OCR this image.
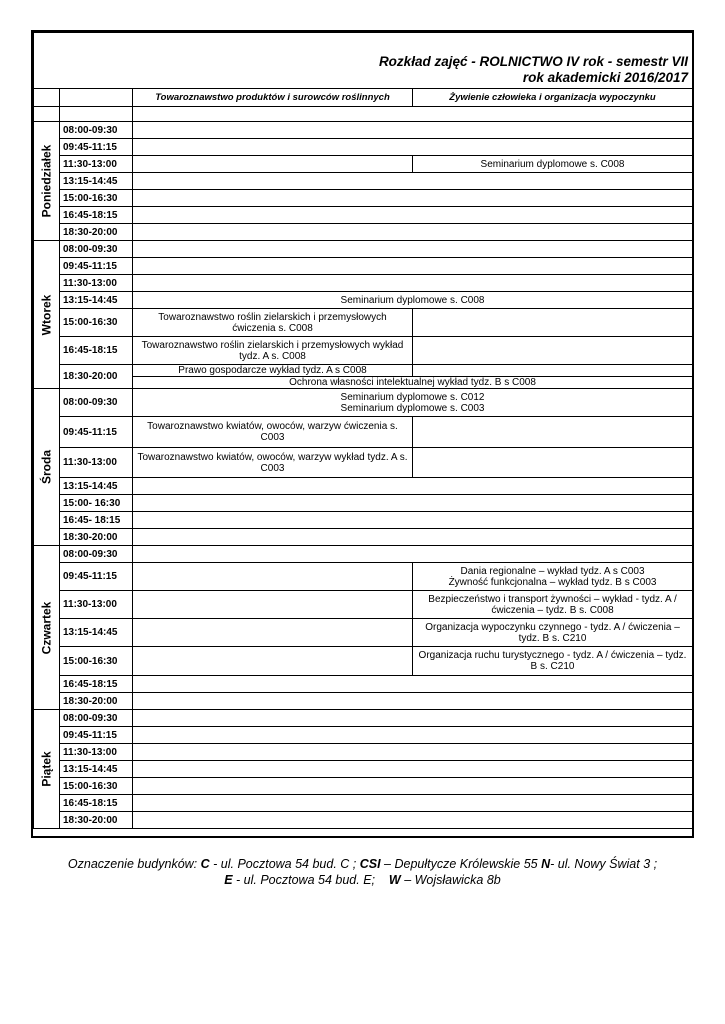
Rozkład zajęć - ROLNICTWO IV rok - semestr VII
rok akademicki 2016/2017			

		Towaroznawstwo produktów i surowców roślinnych	Żywienie człowieka i organizacja wypoczynku

Poniedziałek	08:00-09:30		
	09:45-11:15		
	11:30-13:00		Seminarium dyplomowe s. C008
	13:15-14:45		
	15:00-16:30		
	16:45-18:15		
	18:30-20:00		

Wtorek	08:00-09:30		
	09:45-11:15		
	11:30-13:00		
	13:15-14:45	Seminarium dyplomowe s. C008	
	15:00-16:30	Towaroznawstwo roślin zielarskich i przemysłowych ćwiczenia s. C008	
	16:45-18:15	Towaroznawstwo roślin zielarskich i przemysłowych wykład tydz. A s. C008	
	18:30-20:00	Prawo gospodarcze wykład tydz. A s C008	
		Ochrona własności intelektualnej wykład tydz. B s C008	

Środa	08:00-09:30	Seminarium dyplomowe s. C012
Seminarium dyplomowe s. C003	

	09:45-11:15	Towaroznawstwo kwiatów, owoców, warzyw ćwiczenia s. C003	
	11:30-13:00	Towaroznawstwo kwiatów, owoców, warzyw wykład tydz. A s. C003	
	13:15-14:45		
	15:00- 16:30		
	16:45- 18:15		
	18:30-20:00		

Czwartek	08:00-09:30		
	09:45-11:15		Dania regionalne – wykład tydz. A s C003
Żywność funkcjonalna – wykład tydz. B s C003

	11:30-13:00		Bezpieczeństwo i transport żywności – wykład - tydz. A / ćwiczenia – tydz. B s. C008
	13:15-14:45		Organizacja wypoczynku czynnego - tydz. A / ćwiczenia – tydz. B s. C210
	15:00-16:30		Organizacja ruchu turystycznego - tydz. A / ćwiczenia – tydz. B s. C210
	16:45-18:15		
	18:30-20:00		

Piątek	08:00-09:30		
	09:45-11:15		
	11:30-13:00		
	13:15-14:45		
	15:00-16:30		
	16:45-18:15		
	18:30-20:00		
Oznaczenie budynków: C - ul. Pocztowa 54 bud. C ; CSI – Depułtycze Królewskie 55 N- ul. Nowy Świat 3 ;
E - ul. Pocztowa 54 bud. E;    W – Wojsławicka 8b
